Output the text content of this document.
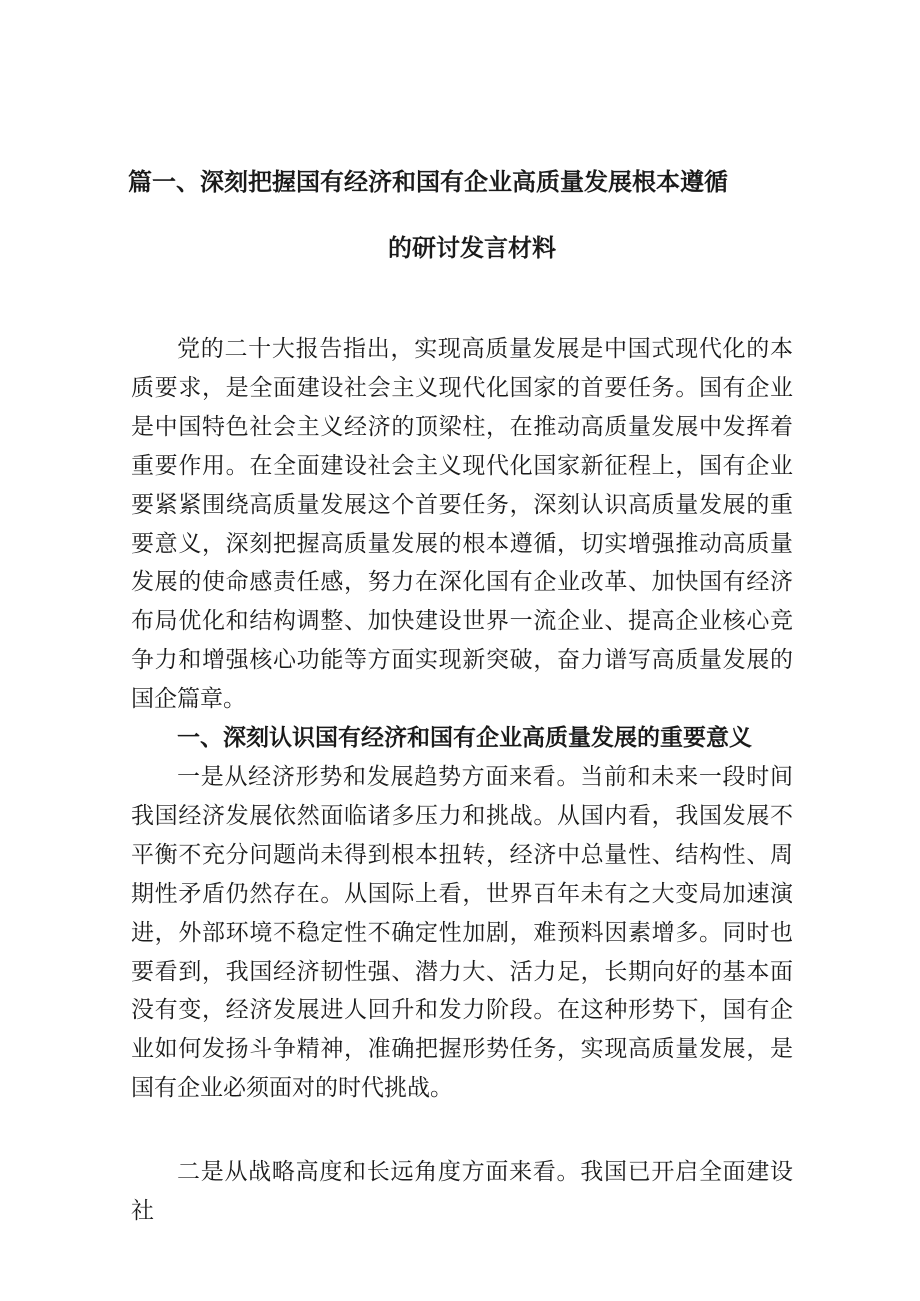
篇一、深刻把握国有经济和国有企业高质量发展根本遵循
的研讨发言材料

党的二十大报告指出，实现高质量发展是中国式现代化的本质要求，是全面建设社会主义现代化国家的首要任务。国有企业是中国特色社会主义经济的顶梁柱，在推动高质量发展中发挥着重要作用。在全面建设社会主义现代化国家新征程上，国有企业要紧紧围绕高质量发展这个首要任务，深刻认识高质量发展的重要意义，深刻把握高质量发展的根本遵循，切实增强推动高质量发展的使命感责任感，努力在深化国有企业改革、加快国有经济布局优化和结构调整、加快建设世界一流企业、提高企业核心竞争力和增强核心功能等方面实现新突破，奋力谱写高质量发展的国企篇章。

一、深刻认识国有经济和国有企业高质量发展的重要意义

一是从经济形势和发展趋势方面来看。当前和未来一段时间我国经济发展依然面临诸多压力和挑战。从国内看，我国发展不平衡不充分问题尚未得到根本扭转，经济中总量性、结构性、周期性矛盾仍然存在。从国际上看，世界百年未有之大变局加速演进，外部环境不稳定性不确定性加剧，难预料因素增多。同时也要看到，我国经济韧性强、潜力大、活力足，长期向好的基本面没有变，经济发展进人回升和发力阶段。在这种形势下，国有企业如何发扬斗争精神，准确把握形势任务，实现高质量发展，是国有企业必须面对的时代挑战。

二是从战略高度和长远角度方面来看。我国已开启全面建设社
